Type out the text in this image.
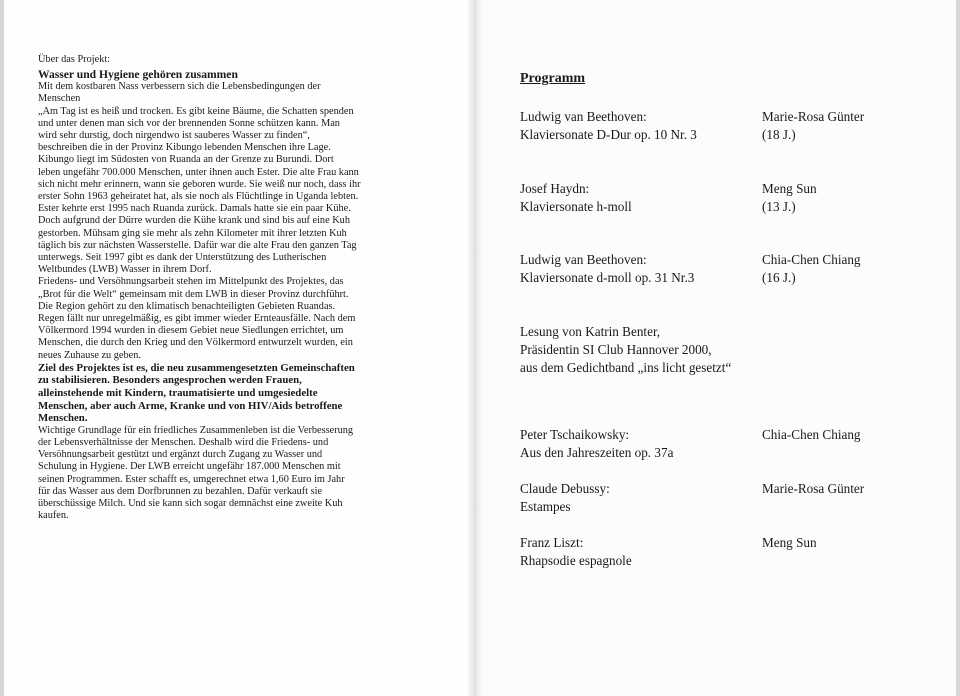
Über das Projekt:
Wasser und Hygiene gehören zusammen
Mit dem kostbaren Nass verbessern sich die Lebensbedingungen der
Menschen
„Am Tag ist es heiß und trocken. Es gibt keine Bäume, die Schatten spenden
und unter denen man sich vor der brennenden Sonne schützen kann. Man
wird sehr durstig, doch nirgendwo ist sauberes Wasser zu finden“,
beschreiben die in der Provinz Kibungo lebenden Menschen ihre Lage.
Kibungo liegt im Südosten von Ruanda an der Grenze zu Burundi. Dort
leben ungefähr 700.000 Menschen, unter ihnen auch Ester. Die alte Frau kann
sich nicht mehr erinnern, wann sie geboren wurde. Sie weiß nur noch, dass ihr
erster Sohn 1963 geheiratet hat, als sie noch als Flüchtlinge in Uganda lebten.
Ester kehrte erst 1995 nach Ruanda zurück. Damals hatte sie ein paar Kühe.
Doch aufgrund der Dürre wurden die Kühe krank und sind bis auf eine Kuh
gestorben. Mühsam ging sie mehr als zehn Kilometer mit ihrer letzten Kuh
täglich bis zur nächsten Wasserstelle. Dafür war die alte Frau den ganzen Tag
unterwegs. Seit 1997 gibt es dank der Unterstützung des Lutherischen
Weltbundes (LWB) Wasser in ihrem Dorf.
Friedens- und Versöhnungsarbeit stehen im Mittelpunkt des Projektes, das
„Brot für die Welt“ gemeinsam mit dem LWB in dieser Provinz durchführt.
Die Region gehört zu den klimatisch benachteiligten Gebieten Ruandas.
Regen fällt nur unregelmäßig, es gibt immer wieder Ernteausfälle. Nach dem
Völkermord 1994 wurden in diesem Gebiet neue Siedlungen errichtet, um
Menschen, die durch den Krieg und den Völkermord entwurzelt wurden, ein
neues Zuhause zu geben.
Ziel des Projektes ist es, die neu zusammengesetzten Gemeinschaften
zu stabilisieren. Besonders angesprochen werden Frauen,
alleinstehende mit Kindern, traumatisierte und umgesiedelte
Menschen, aber auch Arme, Kranke und von HIV/Aids betroffene
Menschen.
Wichtige Grundlage für ein friedliches Zusammenleben ist die Verbesserung
der Lebensverhältnisse der Menschen. Deshalb wird die Friedens- und
Versöhnungsarbeit gestützt und ergänzt durch Zugang zu Wasser und
Schulung in Hygiene. Der LWB erreicht ungefähr 187.000 Menschen mit
seinen Programmen. Ester schafft es, umgerechnet etwa 1,60 Euro im Jahr
für das Wasser aus dem Dorfbrunnen zu bezahlen. Dafür verkauft sie
überschüssige Milch. Und sie kann sich sogar demnächst eine zweite Kuh
kaufen.
Programm
Ludwig van Beethoven:
Klaviersonate D-Dur op. 10 Nr. 3
Marie-Rosa Günter
(18 J.)
Josef Haydn:
Klaviersonate h-moll
Meng Sun
(13 J.)
Ludwig van Beethoven:
Klaviersonate d-moll op. 31 Nr.3
Chia-Chen Chiang
(16 J.)
Lesung von Katrin Benter,
Präsidentin SI Club Hannover 2000,
aus dem Gedichtband „ins licht gesetzt“
Peter Tschaikowsky:
Aus den Jahreszeiten op. 37a
Chia-Chen Chiang
Claude Debussy:
Estampes
Marie-Rosa Günter
Franz Liszt:
Rhapsodie espagnole
Meng Sun
